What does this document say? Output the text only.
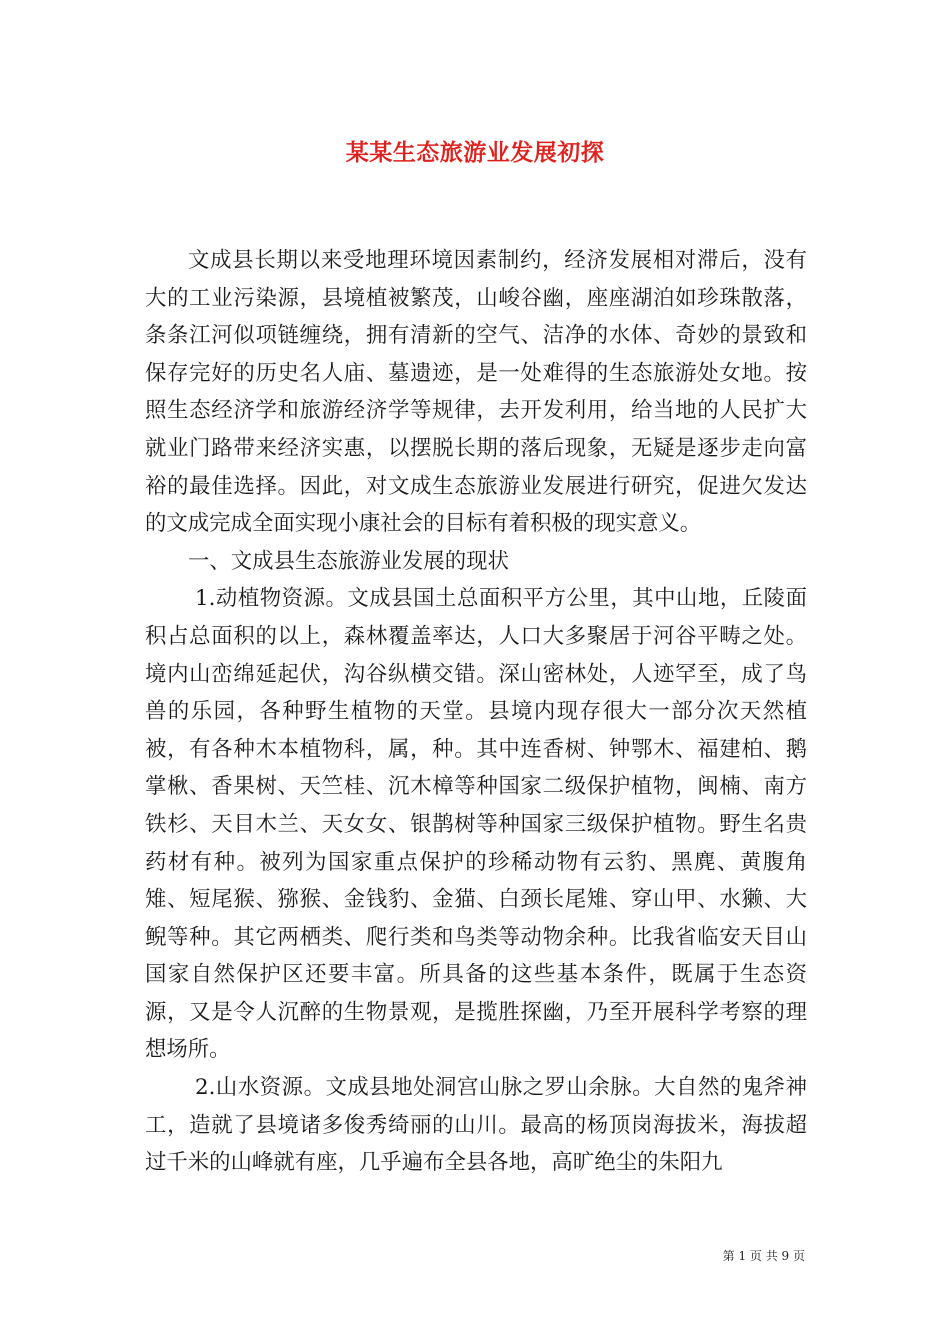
某某生态旅游业发展初探

文成县长期以来受地理环境因素制约，经济发展相对滞后，没有大的工业污染源，县境植被繁茂，山峻谷幽，座座湖泊如珍珠散落，条条江河似项链缠绕，拥有清新的空气、洁净的水体、奇妙的景致和保存完好的历史名人庙、墓遗迹，是一处难得的生态旅游处女地。按照生态经济学和旅游经济学等规律，去开发利用，给当地的人民扩大就业门路带来经济实惠，以摆脱长期的落后现象，无疑是逐步走向富裕的最佳选择。因此，对文成生态旅游业发展进行研究，促进欠发达的文成完成全面实现小康社会的目标有着积极的现实意义。

一、文成县生态旅游业发展的现状

1.动植物资源。文成县国土总面积平方公里，其中山地，丘陵面积占总面积的以上，森林覆盖率达，人口大多聚居于河谷平畴之处。境内山峦绵延起伏，沟谷纵横交错。深山密林处，人迹罕至，成了鸟兽的乐园，各种野生植物的天堂。县境内现存很大一部分次天然植被，有各种木本植物科，属，种。其中连香树、钟鄂木、福建柏、鹅掌楸、香果树、天竺桂、沉木樟等种国家二级保护植物，闽楠、南方铁杉、天目木兰、天女女、银鹊树等种国家三级保护植物。野生名贵药材有种。被列为国家重点保护的珍稀动物有云豹、黑麂、黄腹角雉、短尾猴、猕猴、金钱豹、金猫、白颈长尾雉、穿山甲、水獭、大鲵等种。其它两栖类、爬行类和鸟类等动物余种。比我省临安天目山国家自然保护区还要丰富。所具备的这些基本条件，既属于生态资源，又是令人沉醉的生物景观，是揽胜探幽，乃至开展科学考察的理想场所。

2.山水资源。文成县地处洞宫山脉之罗山余脉。大自然的鬼斧神工，造就了县境诸多俊秀绮丽的山川。最高的杨顶岗海拔米，海拔超过千米的山峰就有座，几乎遍布全县各地，高旷绝尘的朱阳九

第 1 页 共 9 页
